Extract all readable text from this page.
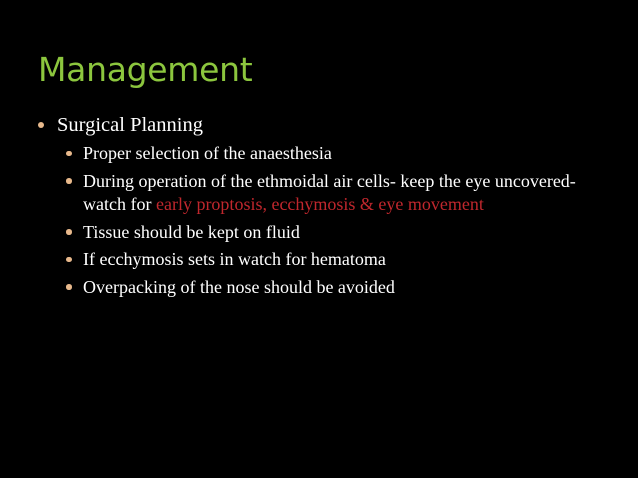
Management
Surgical Planning
Proper selection of the anaesthesia
During operation of the ethmoidal air cells- keep the eye uncovered- watch for early proptosis, ecchymosis & eye movement
Tissue should be kept on fluid
If ecchymosis sets in watch for hematoma
Overpacking of the nose should be avoided
